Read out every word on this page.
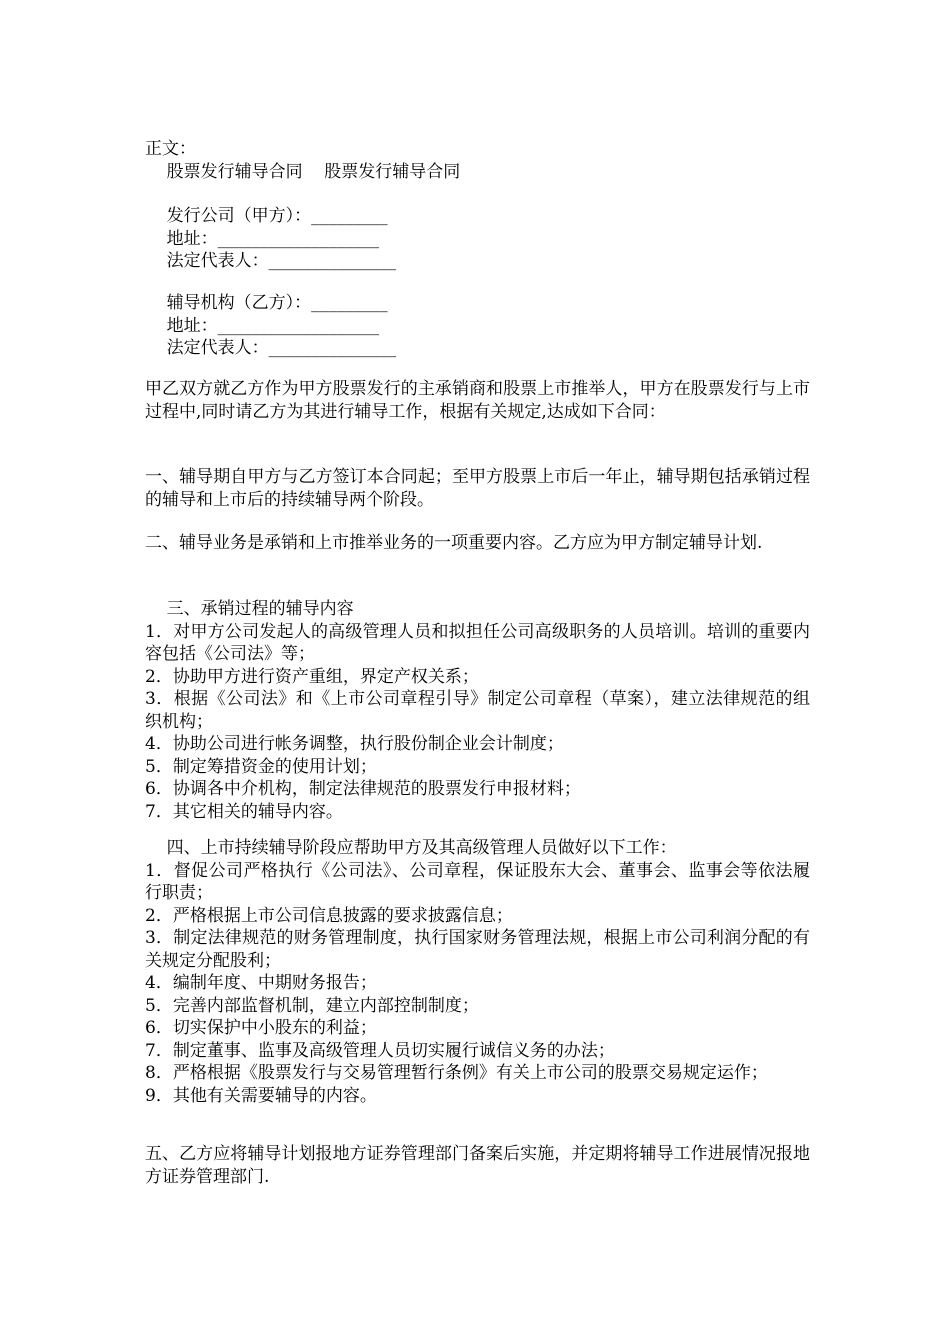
正文：
股票发行辅导合同    股票发行辅导合同
发行公司（甲方）：_________
地址：___________________
法定代表人：_______________
辅导机构（乙方）：_________
地址：___________________
法定代表人：_______________
甲乙双方就乙方作为甲方股票发行的主承销商和股票上市推举人，甲方在股票发行与上市过程中,同时请乙方为其进行辅导工作，根据有关规定,达成如下合同：
一、辅导期自甲方与乙方签订本合同起；至甲方股票上市后一年止，辅导期包括承销过程的辅导和上市后的持续辅导两个阶段。
二、辅导业务是承销和上市推举业务的一项重要内容。乙方应为甲方制定辅导计划.
三、承销过程的辅导内容
1．对甲方公司发起人的高级管理人员和拟担任公司高级职务的人员培训。培训的重要内容包括《公司法》等；
2．协助甲方进行资产重组，界定产权关系；
3．根据《公司法》和《上市公司章程引导》制定公司章程（草案），建立法律规范的组织机构；
4．协助公司进行帐务调整，执行股份制企业会计制度；
5．制定筹措资金的使用计划；
6．协调各中介机构，制定法律规范的股票发行申报材料；
7．其它相关的辅导内容。
四、上市持续辅导阶段应帮助甲方及其高级管理人员做好以下工作：
1．督促公司严格执行《公司法》、公司章程，保证股东大会、董事会、监事会等依法履行职责；
2．严格根据上市公司信息披露的要求披露信息；
3．制定法律规范的财务管理制度，执行国家财务管理法规，根据上市公司利润分配的有关规定分配股利；
4．编制年度、中期财务报告；
5．完善内部监督机制，建立内部控制制度；
6．切实保护中小股东的利益；
7．制定董事、监事及高级管理人员切实履行诚信义务的办法；
8．严格根据《股票发行与交易管理暂行条例》有关上市公司的股票交易规定运作；
9．其他有关需要辅导的内容。
五、乙方应将辅导计划报地方证券管理部门备案后实施，并定期将辅导工作进展情况报地方证券管理部门.
